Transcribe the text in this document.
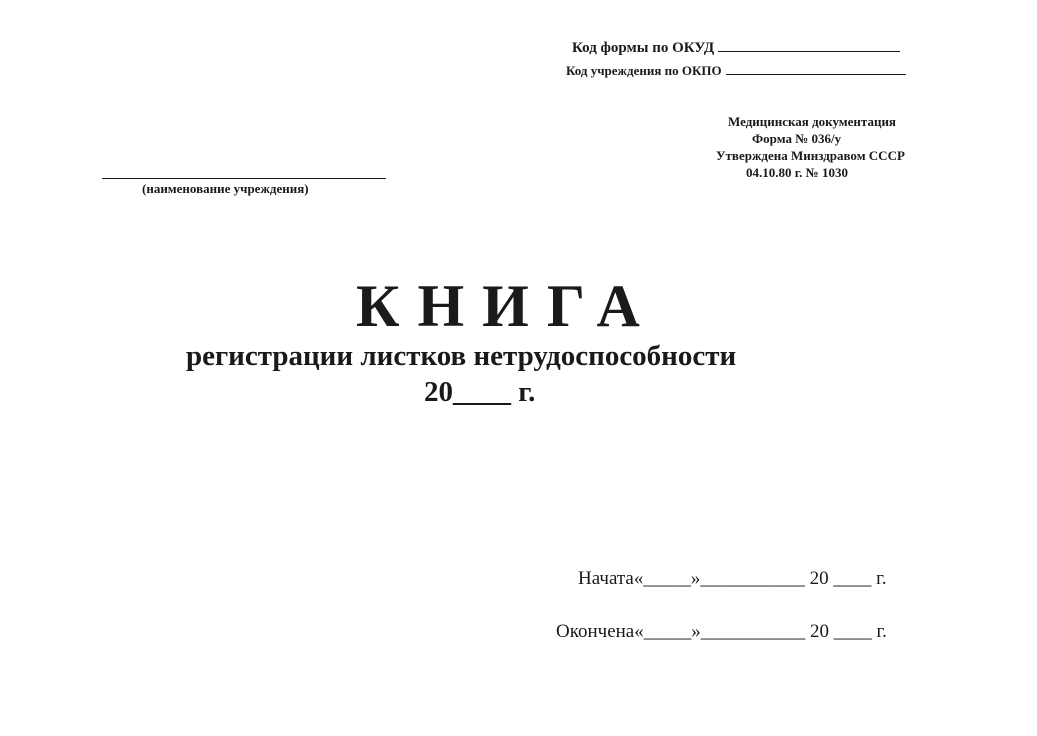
Код формы по ОКУД
Код учреждения по ОКПО
Медицинская документация
Форма № 036/у
Утверждена Минздравом СССР
04.10.80 г. № 1030
(наименование учреждения)
КНИГА
регистрации листков нетрудоспособности
20____ г.
Начата«_____»___________ 20 ____ г.
Окончена«_____»___________ 20 ____ г.
